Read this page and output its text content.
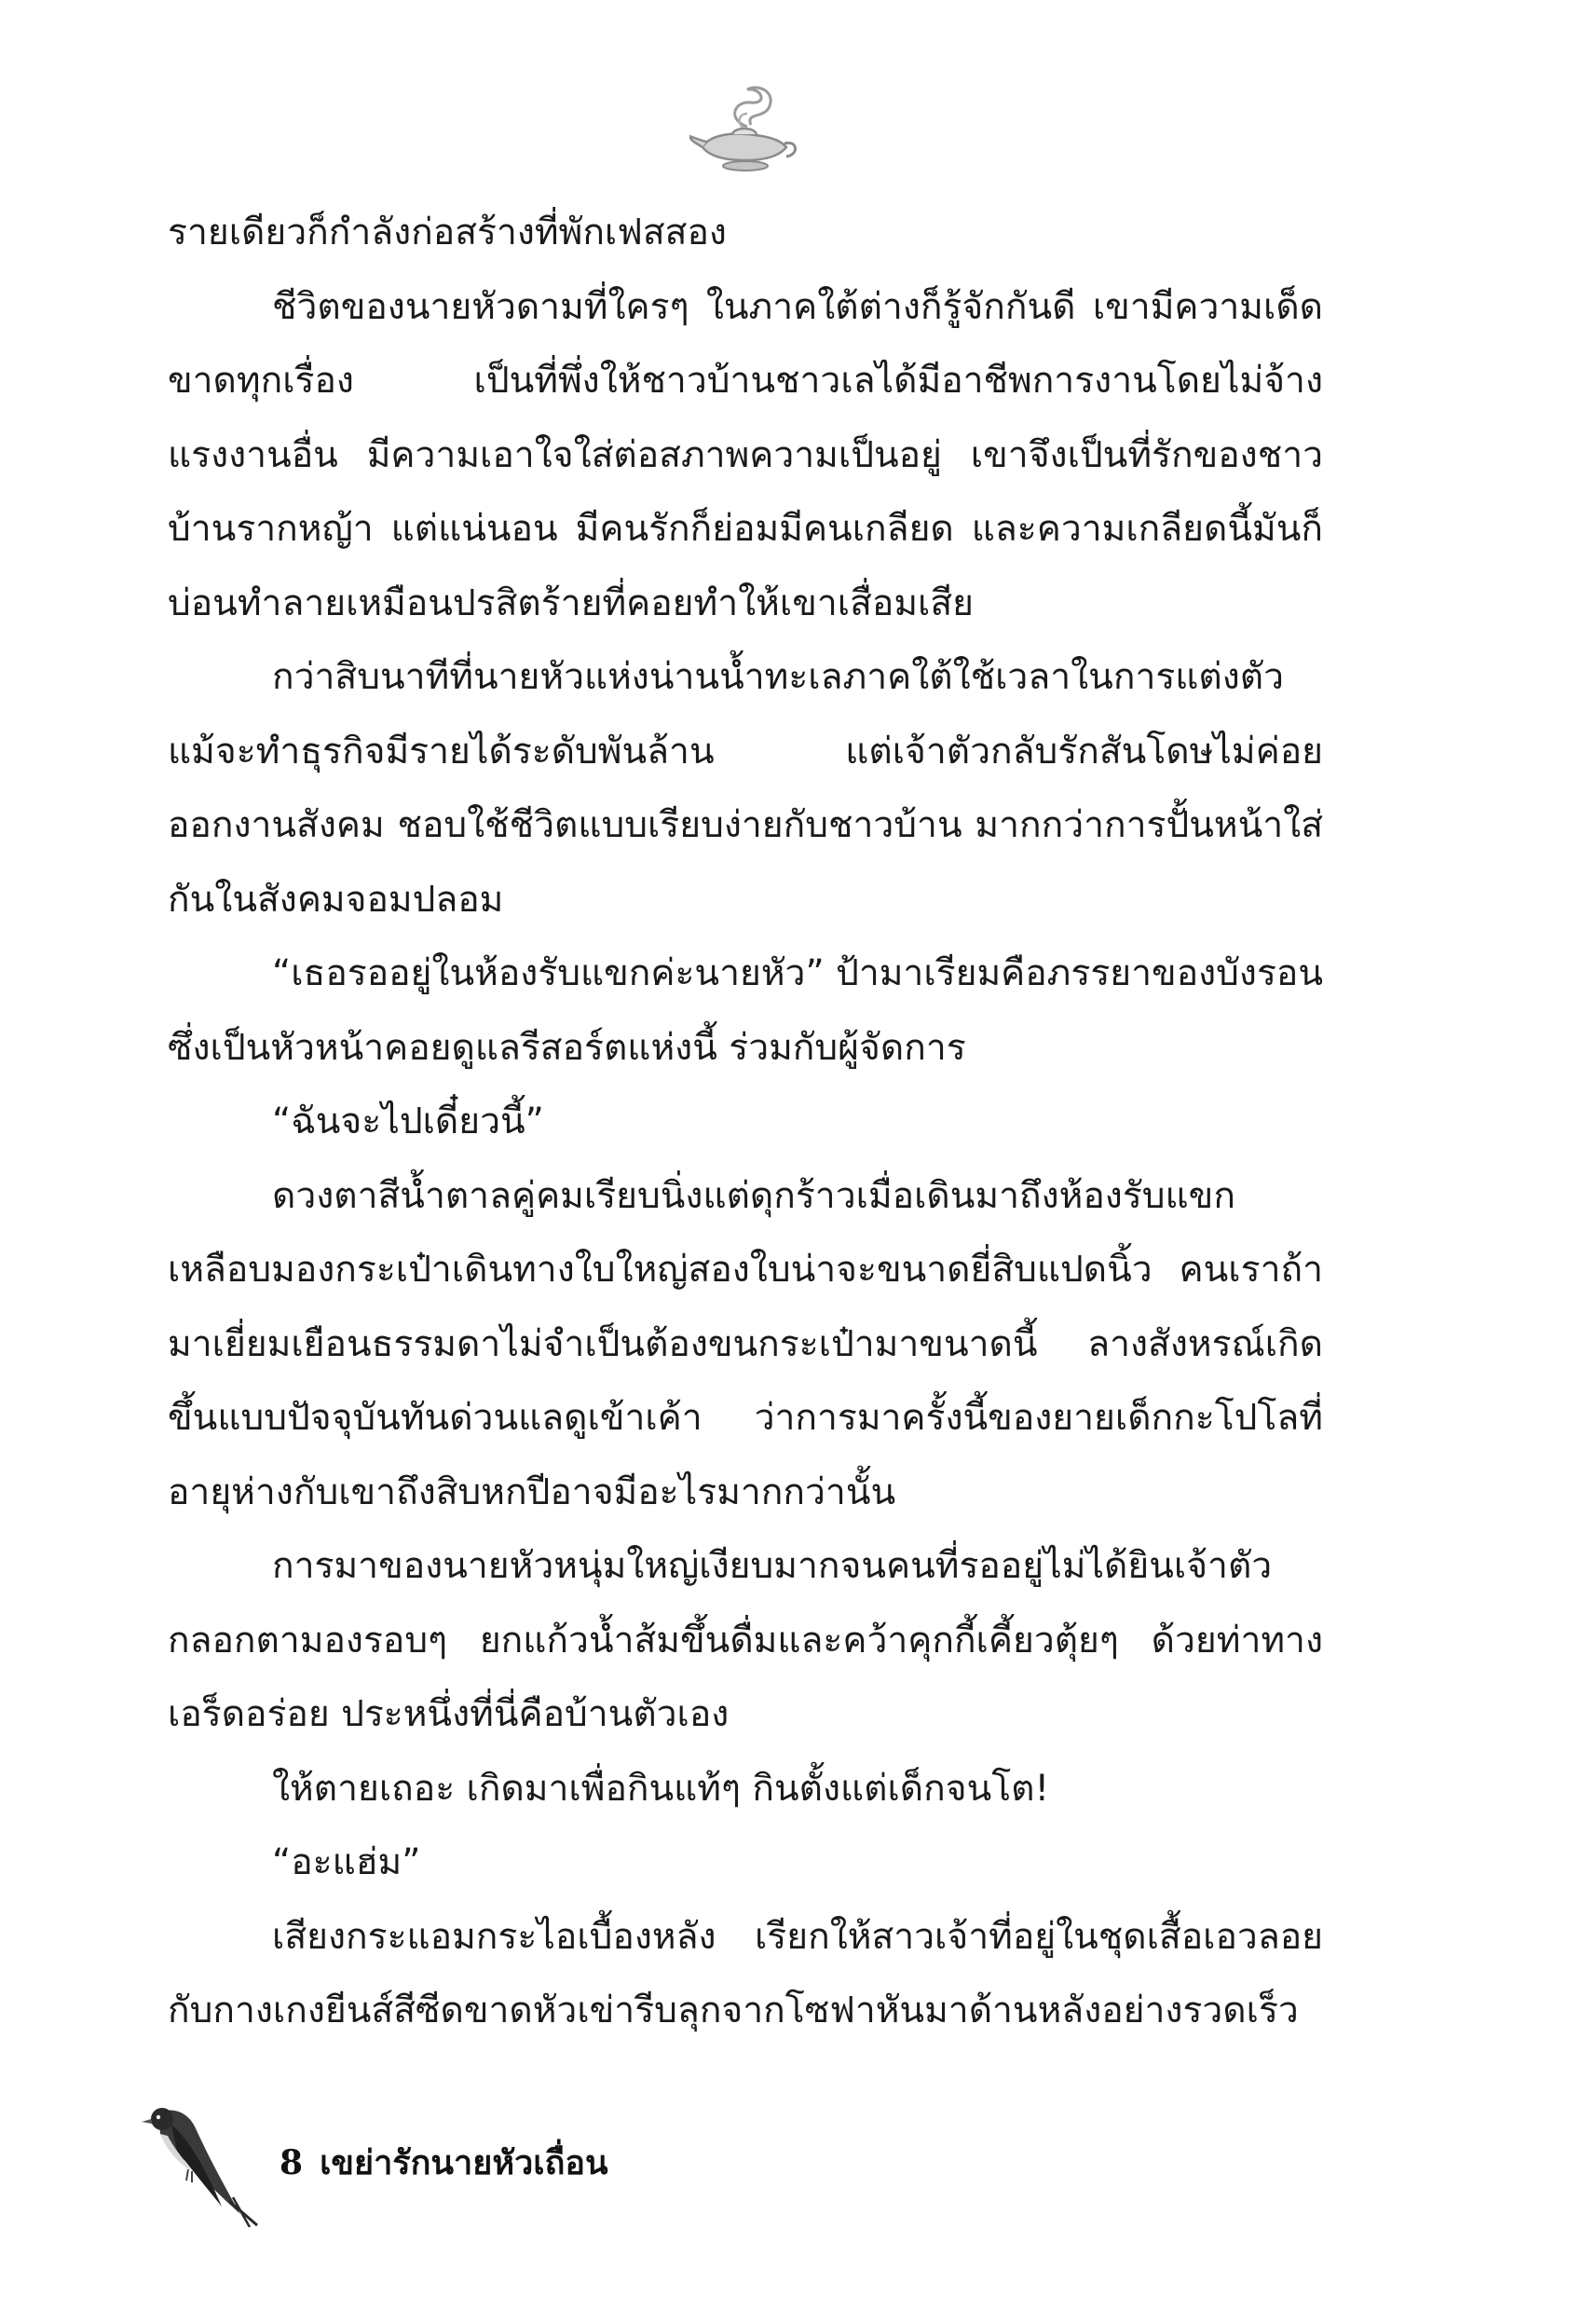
รายเดียวก็กำลังก่อสร้างที่พักเฟสสอง

ชีวิตของนายหัวดามที่ใครๆ ในภาคใต้ต่างก็รู้จักกันดี เขามีความเด็ดขาดทุกเรื่อง เป็นที่พึ่งให้ชาวบ้านชาวเลได้มีอาชีพการงานโดยไม่จ้างแรงงานอื่น มีความเอาใจใส่ต่อสภาพความเป็นอยู่ เขาจึงเป็นที่รักของชาวบ้านรากหญ้า แต่แน่นอน มีคนรักก็ย่อมมีคนเกลียด และความเกลียดนี้มันก็บ่อนทำลายเหมือนปรสิตร้ายที่คอยทำให้เขาเสื่อมเสีย

กว่าสิบนาทีที่นายหัวแห่งน่านน้ำทะเลภาคใต้ใช้เวลาในการแต่งตัว แม้จะทำธุรกิจมีรายได้ระดับพันล้าน แต่เจ้าตัวกลับรักสันโดษไม่ค่อยออกงานสังคม ชอบใช้ชีวิตแบบเรียบง่ายกับชาวบ้าน มากกว่าการปั้นหน้าใส่กันในสังคมจอมปลอม

“เธอรออยู่ในห้องรับแขกค่ะนายหัว” ป้ามาเรียมคือภรรยาของบังรอน ซึ่งเป็นหัวหน้าคอยดูแลรีสอร์ตแห่งนี้ ร่วมกับผู้จัดการ

“ฉันจะไปเดี๋ยวนี้”

ดวงตาสีน้ำตาลคู่คมเรียบนิ่งแต่ดุกร้าวเมื่อเดินมาถึงห้องรับแขกเหลือบมองกระเป๋าเดินทางใบใหญ่สองใบน่าจะขนาดยี่สิบแปดนิ้ว คนเราถ้ามาเยี่ยมเยือนธรรมดาไม่จำเป็นต้องขนกระเป๋ามาขนาดนี้ ลางสังหรณ์เกิดขึ้นแบบปัจจุบันทันด่วนแลดูเข้าเค้า ว่าการมาครั้งนี้ของยายเด็กกะโปโลที่อายุห่างกับเขาถึงสิบหกปีอาจมีอะไรมากกว่านั้น

การมาของนายหัวหนุ่มใหญ่เงียบมากจนคนที่รออยู่ไม่ได้ยินเจ้าตัวกลอกตามองรอบๆ ยกแก้วน้ำส้มขึ้นดื่มและคว้าคุกกี้เคี้ยวตุ้ยๆ ด้วยท่าทางเอร็ดอร่อย ประหนึ่งที่นี่คือบ้านตัวเอง

ให้ตายเถอะ เกิดมาเพื่อกินแท้ๆ กินตั้งแต่เด็กจนโต!

“อะแฮ่ม”

เสียงกระแอมกระไอเบื้องหลัง เรียกให้สาวเจ้าที่อยู่ในชุดเสื้อเอวลอยกับกางเกงยีนส์สีซีดขาดหัวเข่ารีบลุกจากโซฟาหันมาด้านหลังอย่างรวดเร็ว

8 เขย่ารักนายหัวเถื่อน
